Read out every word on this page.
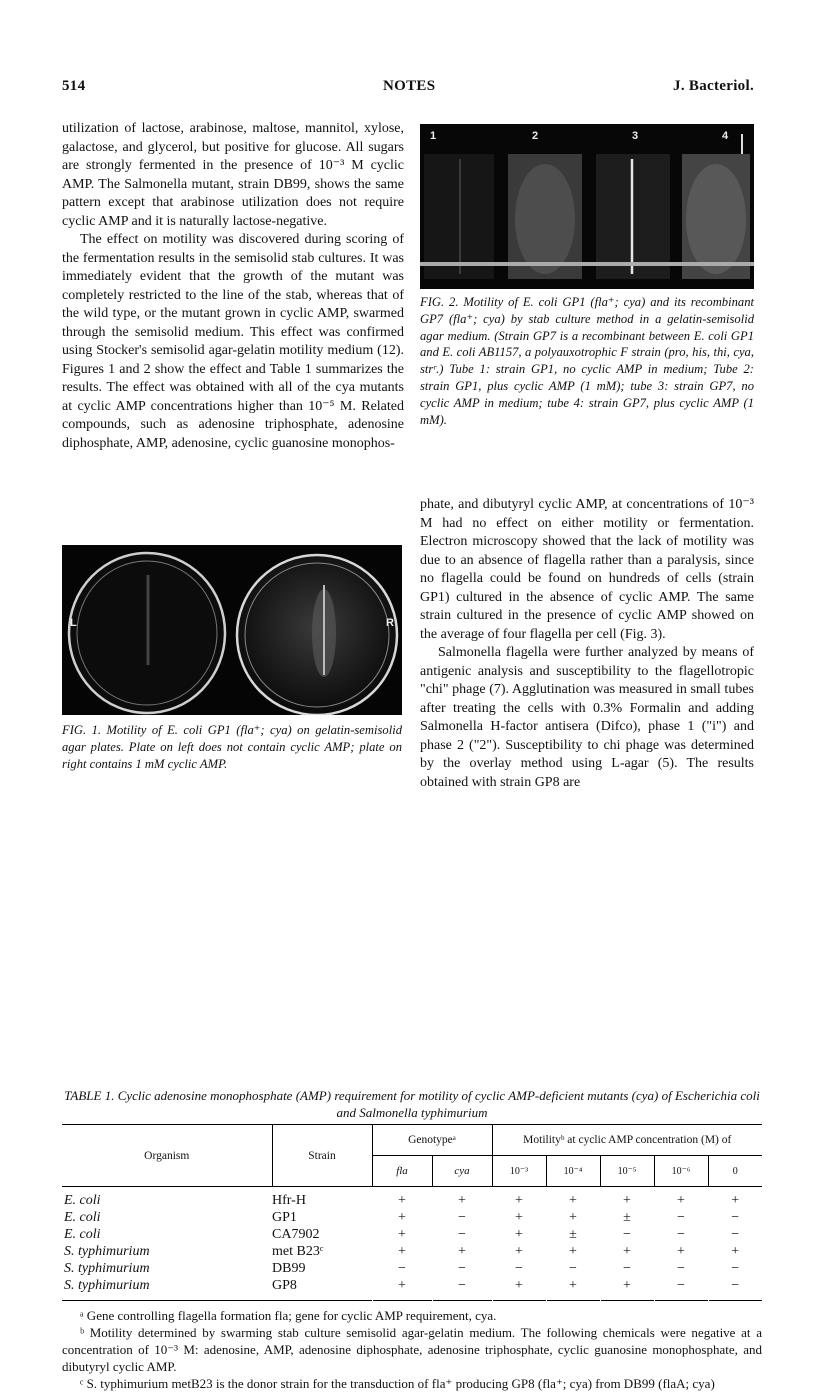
514	NOTES	J. Bacteriol.

utilization of lactose, arabinose, maltose, mannitol, xylose, galactose, and glycerol, but positive for glucose. All sugars are strongly fermented in the presence of 10⁻³ M cyclic AMP. The Salmonella mutant, strain DB99, shows the same pattern except that arabinose utilization does not require cyclic AMP and it is naturally lactose-negative.

The effect on motility was discovered during scoring of the fermentation results in the semisolid stab cultures. It was immediately evident that the growth of the mutant was completely restricted to the line of the stab, whereas that of the wild type, or the mutant grown in cyclic AMP, swarmed through the semisolid medium. This effect was confirmed using Stocker's semisolid agar-gelatin motility medium (12). Figures 1 and 2 show the effect and Table 1 summarizes the results. The effect was obtained with all of the cya mutants at cyclic AMP concentrations higher than 10⁻⁵ M. Related compounds, such as adenosine triphosphate, adenosine diphosphate, AMP, adenosine, cyclic guanosine monophos-

L	R

FIG. 1. Motility of E. coli GP1 (fla⁺; cya) on gelatin-semisolid agar plates. Plate on left does not contain cyclic AMP; plate on right contains 1 mM cyclic AMP.

1	2	3	4

FIG. 2. Motility of E. coli GP1 (fla⁺; cya) and its recombinant GP7 (fla⁺; cya) by stab culture method in a gelatin-semisolid agar medium. (Strain GP7 is a recombinant between E. coli GP1 and E. coli AB1157, a polyauxotrophic F strain (pro, his, thi, cya, strʳ.) Tube 1: strain GP1, no cyclic AMP in medium; Tube 2: strain GP1, plus cyclic AMP (1 mM); tube 3: strain GP7, no cyclic AMP in medium; tube 4: strain GP7, plus cyclic AMP (1 mM).

phate, and dibutyryl cyclic AMP, at concentrations of 10⁻³ M had no effect on either motility or fermentation. Electron microscopy showed that the lack of motility was due to an absence of flagella rather than a paralysis, since no flagella could be found on hundreds of cells (strain GP1) cultured in the absence of cyclic AMP. The same strain cultured in the presence of cyclic AMP showed on the average of four flagella per cell (Fig. 3).

Salmonella flagella were further analyzed by means of antigenic analysis and susceptibility to the flagellotropic "chi" phage (7). Agglutination was measured in small tubes after treating the cells with 0.3% Formalin and adding Salmonella H-factor antisera (Difco), phase 1 ("i") and phase 2 ("2"). Susceptibility to chi phage was determined by the overlay method using L-agar (5). The results obtained with strain GP8 are

TABLE 1. Cyclic adenosine monophosphate (AMP) requirement for motility of cyclic AMP-deficient mutants (cya) of Escherichia coli and Salmonella typhimurium
Organism	Strain	Genotypeᵃ		Motilityᵇ at cyclic AMP concentration (M) of				
		fla	cya	10⁻³	10⁻⁴	10⁻⁵	10⁻⁶	0
E. coli	Hfr-H	+	+	+	+	+	+	+
E. coli	GP1	+	−	+	+	±	−	−
E. coli	CA7902	+	−	+	±	−	−	−
S. typhimurium	met B23ᶜ	+	+	+	+	+	+	+
S. typhimurium	DB99	−	−	−	−	−	−	−
S. typhimurium	GP8	+	−	+	+	+	−	−

ᵃ Gene controlling flagella formation fla; gene for cyclic AMP requirement, cya.

ᵇ Motility determined by swarming stab culture semisolid agar-gelatin medium. The following chemicals were negative at a concentration of 10⁻³ M: adenosine, AMP, adenosine diphosphate, adenosine triphosphate, cyclic guanosine monophosphate, and dibutyryl cyclic AMP.

ᶜ S. typhimurium metB23 is the donor strain for the transduction of fla⁺ producing GP8 (fla⁺; cya) from DB99 (flaA; cya)
